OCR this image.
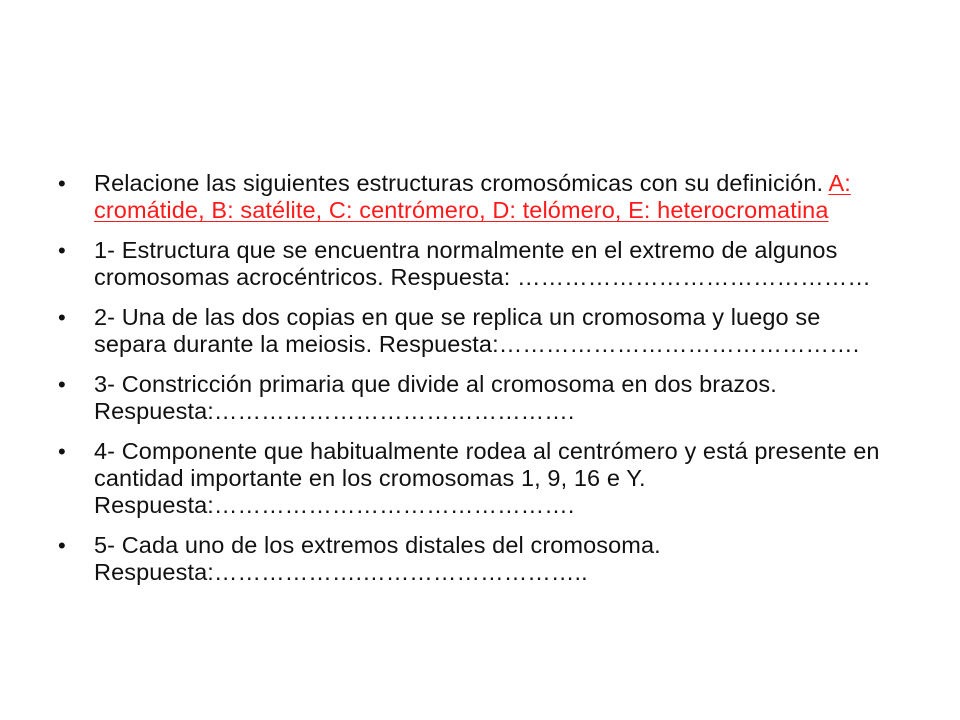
• Relacione las siguientes estructuras cromosómicas con su definición. A: cromátide, B: satélite, C: centrómero, D: telómero, E: heterocromatina
• 1- Estructura que se encuentra normalmente en el extremo de algunos cromosomas acrocéntricos. Respuesta: ………………………………………
• 2- Una de las dos copias en que se replica un cromosoma y luego se separa durante la meiosis. Respuesta:……………………………………….
• 3- Constricción primaria que divide al cromosoma en dos brazos. Respuesta:……………………………………….
• 4- Componente que habitualmente rodea al centrómero y está presente en cantidad importante en los cromosomas 1, 9, 16 e Y. Respuesta:……………………………………….
• 5- Cada uno de los extremos distales del cromosoma. Respuesta:……………….………………………..
